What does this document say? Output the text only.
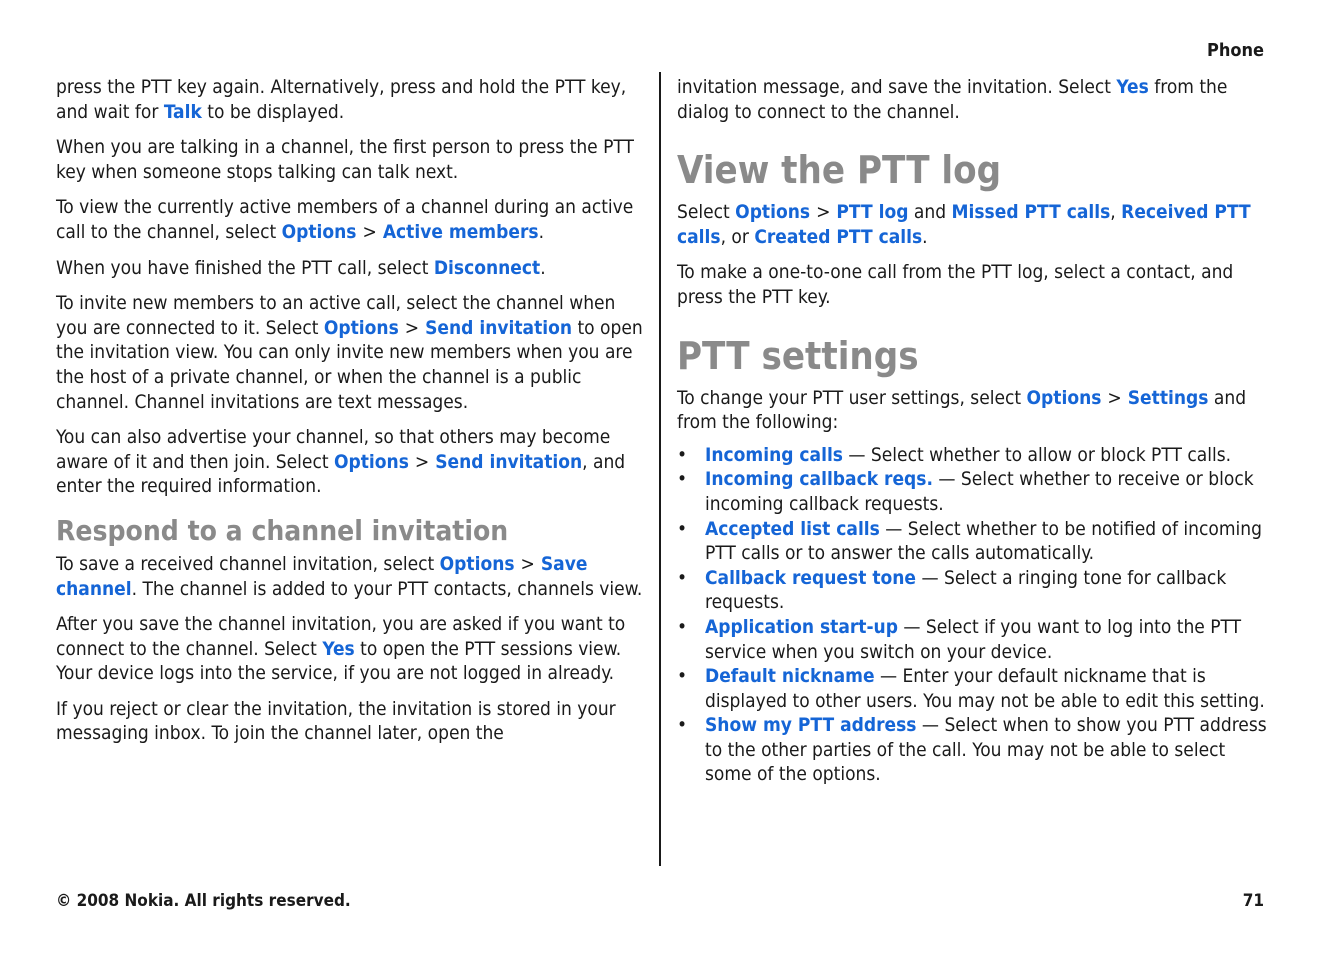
Phone

press the PTT key again. Alternatively, press and hold the PTT key, and wait for Talk to be displayed.

When you are talking in a channel, the first person to press the PTT key when someone stops talking can talk next.

To view the currently active members of a channel during an active call to the channel, select Options > Active members.

When you have finished the PTT call, select Disconnect.

To invite new members to an active call, select the channel when you are connected to it. Select Options > Send invitation to open the invitation view. You can only invite new members when you are the host of a private channel, or when the channel is a public channel. Channel invitations are text messages.

You can also advertise your channel, so that others may become aware of it and then join. Select Options > Send invitation, and enter the required information.

Respond to a channel invitation

To save a received channel invitation, select Options > Save channel. The channel is added to your PTT contacts, channels view.

After you save the channel invitation, you are asked if you want to connect to the channel. Select Yes to open the PTT sessions view. Your device logs into the service, if you are not logged in already.

If you reject or clear the invitation, the invitation is stored in your messaging inbox. To join the channel later, open the

invitation message, and save the invitation. Select Yes from the dialog to connect to the channel.

View the PTT log

Select Options > PTT log and Missed PTT calls, Received PTT calls, or Created PTT calls.

To make a one-to-one call from the PTT log, select a contact, and press the PTT key.

PTT settings

To change your PTT user settings, select Options > Settings and from the following:

• Incoming calls — Select whether to allow or block PTT calls.
• Incoming callback reqs. — Select whether to receive or block incoming callback requests.
• Accepted list calls — Select whether to be notified of incoming PTT calls or to answer the calls automatically.
• Callback request tone — Select a ringing tone for callback requests.
• Application start-up — Select if you want to log into the PTT service when you switch on your device.
• Default nickname — Enter your default nickname that is displayed to other users. You may not be able to edit this setting.
• Show my PTT address — Select when to show you PTT address to the other parties of the call. You may not be able to select some of the options.
© 2008 Nokia. All rights reserved.	71
